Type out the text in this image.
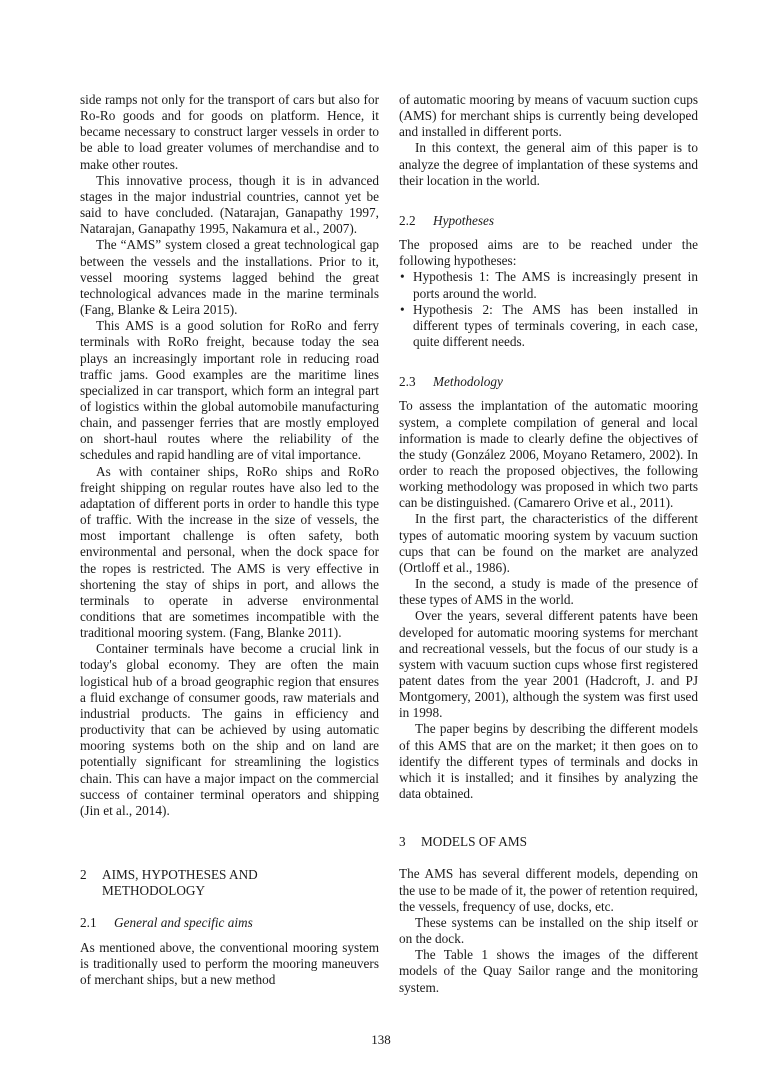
side ramps not only for the transport of cars but also for Ro-Ro goods and for goods on platform. Hence, it became necessary to construct larger vessels in order to be able to load greater volumes of merchandise and to make other routes.

This innovative process, though it is in advanced stages in the major industrial countries, cannot yet be said to have concluded. (Natarajan, Ganapathy 1997, Natarajan, Ganapathy 1995, Nakamura et al., 2007).

The “AMS” system closed a great technological gap between the vessels and the installations. Prior to it, vessel mooring systems lagged behind the great technological advances made in the marine terminals (Fang, Blanke & Leira 2015).

This AMS is a good solution for RoRo and ferry terminals with RoRo freight, because today the sea plays an increasingly important role in reducing road traffic jams. Good examples are the maritime lines specialized in car transport, which form an integral part of logistics within the global automobile manufacturing chain, and passenger ferries that are mostly employed on short-haul routes where the reliability of the schedules and rapid handling are of vital importance.

As with container ships, RoRo ships and RoRo freight shipping on regular routes have also led to the adaptation of different ports in order to handle this type of traffic. With the increase in the size of vessels, the most important challenge is often safety, both environmental and personal, when the dock space for the ropes is restricted. The AMS is very effective in shortening the stay of ships in port, and allows the terminals to operate in adverse environmental conditions that are sometimes incompatible with the traditional mooring system. (Fang, Blanke 2011).

Container terminals have become a crucial link in today's global economy. They are often the main logistical hub of a broad geographic region that ensures a fluid exchange of consumer goods, raw materials and industrial products. The gains in efficiency and productivity that can be achieved by using automatic mooring systems both on the ship and on land are potentially significant for streamlining the logistics chain. This can have a major impact on the commercial success of container terminal operators and shipping (Jin et al., 2014).

2	AIMS, HYPOTHESES AND
METHODOLOGY
2.1	General and specific aims

As mentioned above, the conventional mooring system is traditionally used to perform the mooring maneuvers of merchant ships, but a new method

of automatic mooring by means of vacuum suction cups (AMS) for merchant ships is currently being developed and installed in different ports.

In this context, the general aim of this paper is to analyze the degree of implantation of these systems and their location in the world.

2.2	Hypotheses

The proposed aims are to be reached under the following hypotheses:

• Hypothesis 1: The AMS is increasingly present in ports around the world.
• Hypothesis 2: The AMS has been installed in different types of terminals covering, in each case, quite different needs.
2.3	Methodology

To assess the implantation of the automatic mooring system, a complete compilation of general and local information is made to clearly define the objectives of the study (González 2006, Moyano Retamero, 2002). In order to reach the proposed objectives, the following working methodology was proposed in which two parts can be distinguished. (Camarero Orive et al., 2011).

In the first part, the characteristics of the different types of automatic mooring system by vacuum suction cups that can be found on the market are analyzed (Ortloff et al., 1986).

In the second, a study is made of the presence of these types of AMS in the world.

Over the years, several different patents have been developed for automatic mooring systems for merchant and recreational vessels, but the focus of our study is a system with vacuum suction cups whose first registered patent dates from the year 2001 (Hadcroft, J. and PJ Montgomery, 2001), although the system was first used in 1998.

The paper begins by describing the different models of this AMS that are on the market; it then goes on to identify the different types of terminals and docks in which it is installed; and it finsihes by analyzing the data obtained.

3	MODELS OF AMS

The AMS has several different models, depending on the use to be made of it, the power of retention required, the vessels, frequency of use, docks, etc.

These systems can be installed on the ship itself or on the dock.

The Table 1 shows the images of the different models of the Quay Sailor range and the monitoring system.

138
